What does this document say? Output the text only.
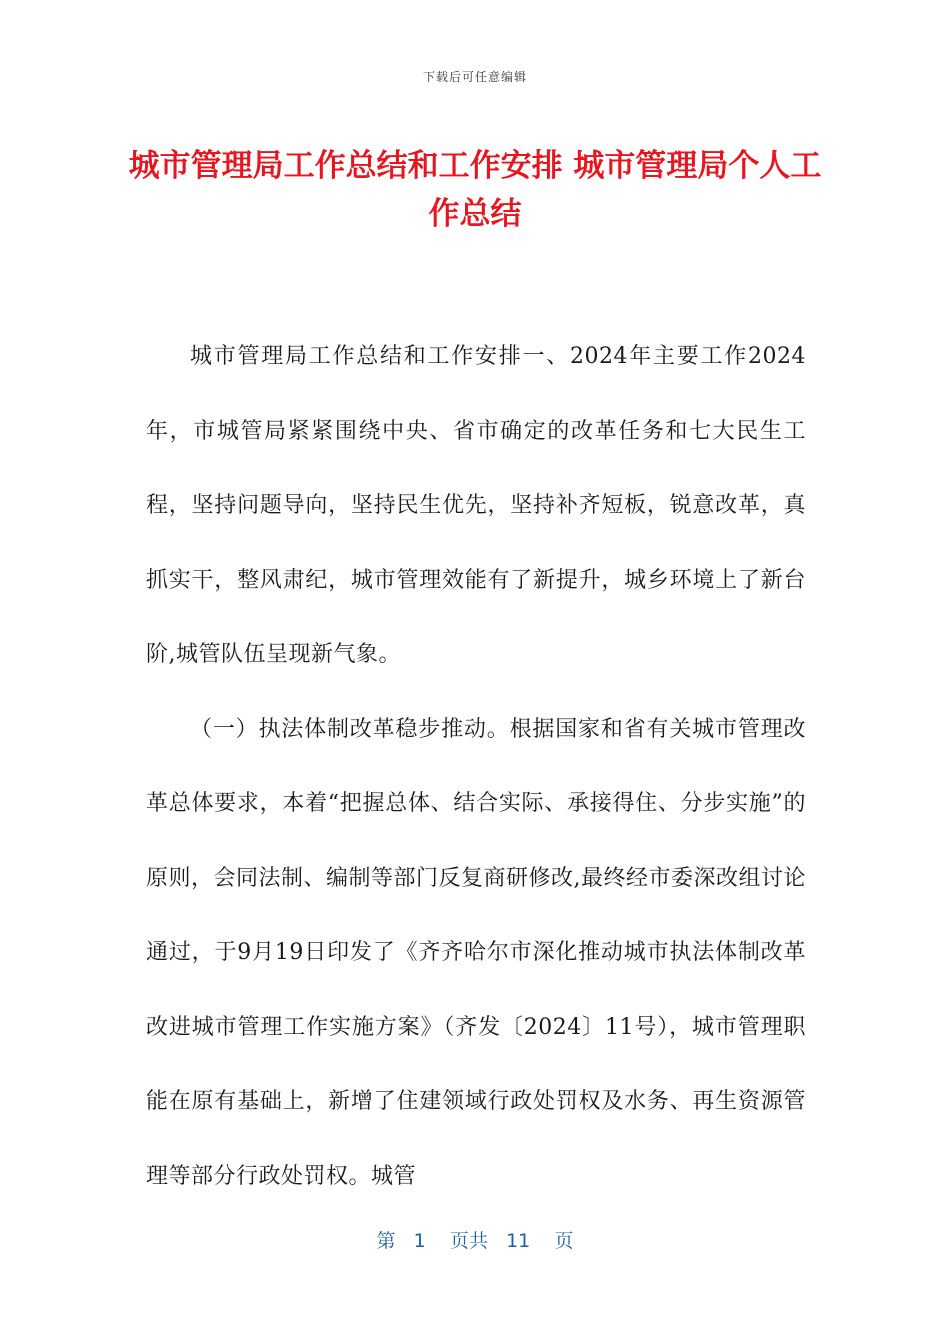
下载后可任意编辑
城市管理局工作总结和工作安排 城市管理局个人工作总结

城市管理局工作总结和工作安排一、2024年主要工作2024年，市城管局紧紧围绕中央、省市确定的改革任务和七大民生工程，坚持问题导向，坚持民生优先，坚持补齐短板，锐意改革，真抓实干，整风肃纪，城市管理效能有了新提升，城乡环境上了新台阶,城管队伍呈现新气象。

（一）执法体制改革稳步推动。根据国家和省有关城市管理改革总体要求，本着“把握总体、结合实际、承接得住、分步实施”的原则，会同法制、编制等部门反复商研修改,最终经市委深改组讨论通过，于9月19日印发了《齐齐哈尔市深化推动城市执法体制改革改进城市管理工作实施方案》（齐发〔2024〕11号），城市管理职能在原有基础上，新增了住建领域行政处罚权及水务、再生资源管理等部分行政处罚权。城管

第 1 页共 11 页
